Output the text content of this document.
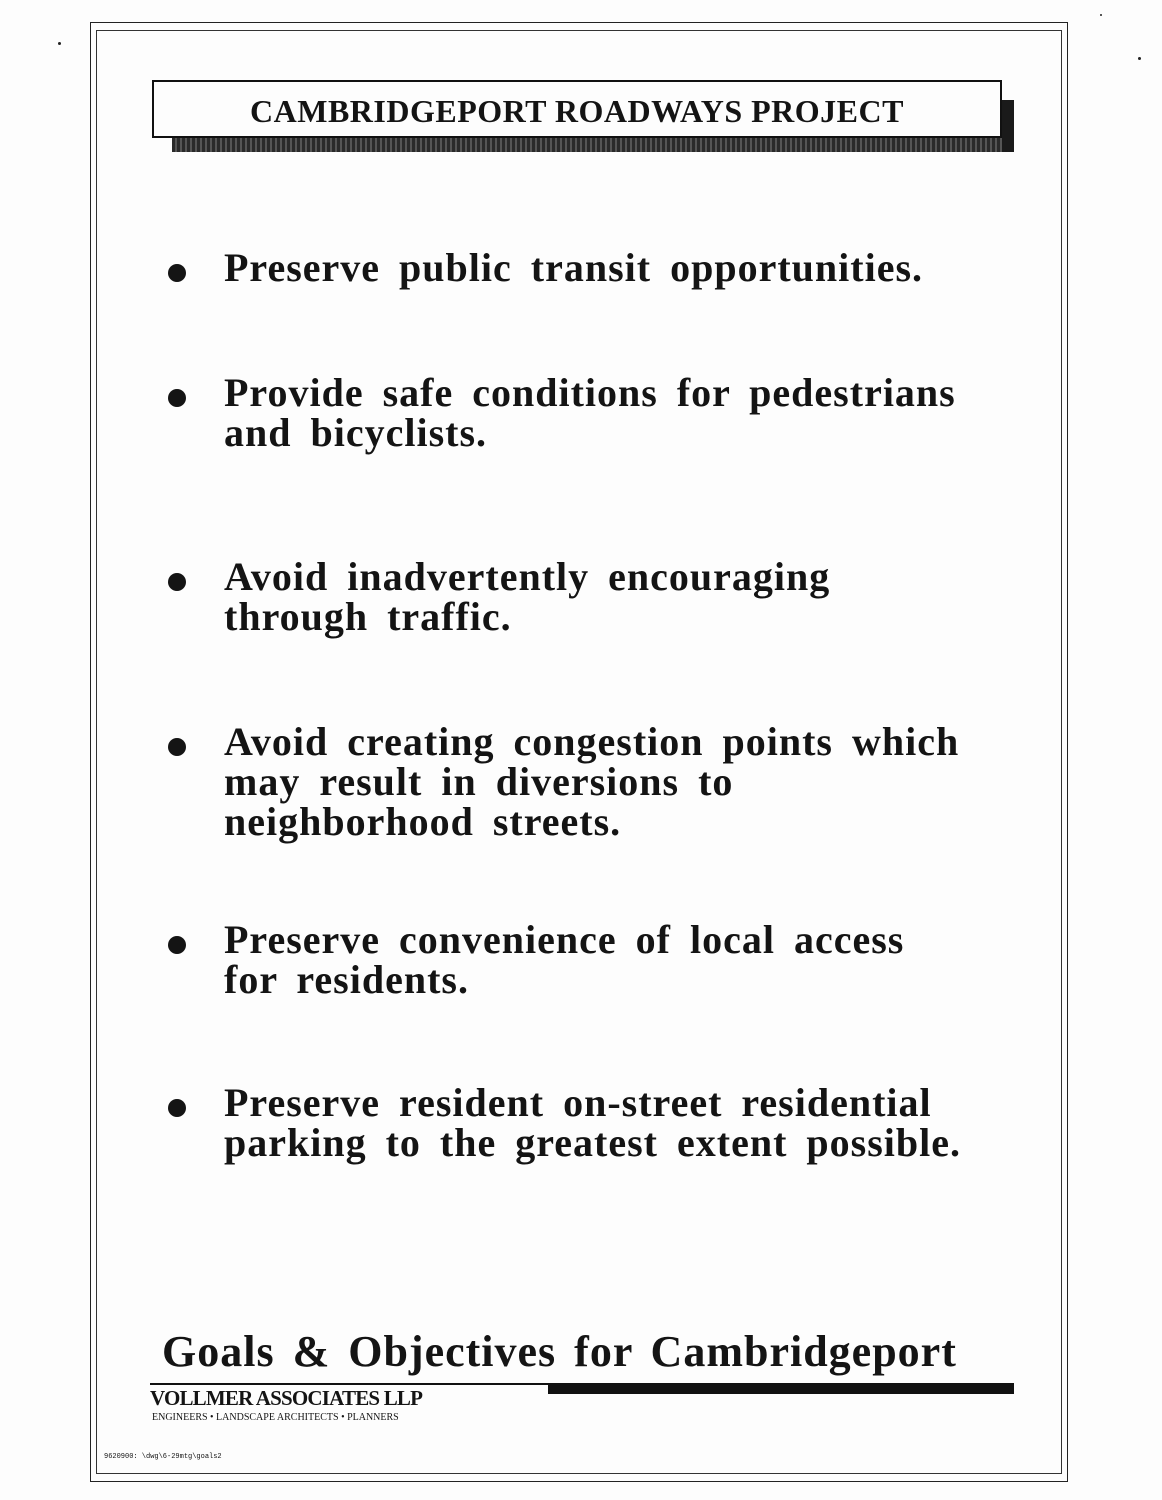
CAMBRIDGEPORT ROADWAYS PROJECT
Preserve public transit opportunities.
Provide safe conditions for pedestrians
and bicyclists.
Avoid inadvertently encouraging
through traffic.
Avoid creating congestion points which
may result in diversions to
neighborhood streets.
Preserve convenience of local access
for residents.
Preserve resident on-street residential
parking to the greatest extent possible.
Goals & Objectives for Cambridgeport
VOLLMER ASSOCIATES LLP
ENGINEERS • LANDSCAPE ARCHITECTS • PLANNERS
9620900: \dwg\6-29mtg\goals2
